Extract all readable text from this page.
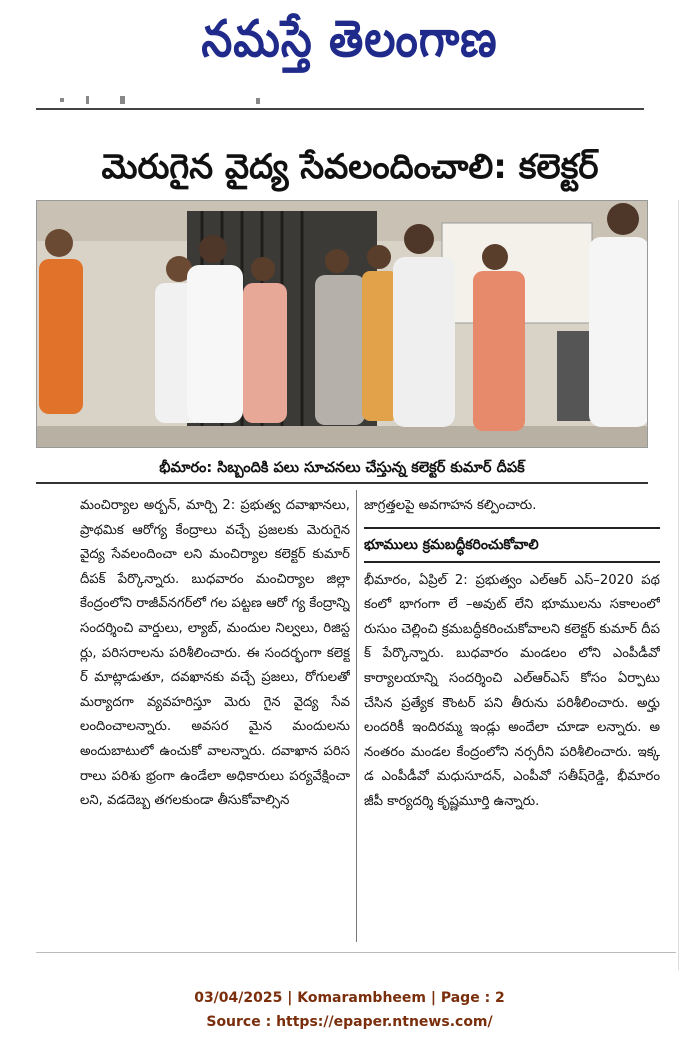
నమస్తే తెలంగాణ
మెరుగైన వైద్య సేవలందించాలి: కలెక్టర్
భీమారం: సిబ్బందికి పలు సూచనలు చేస్తున్న కలెక్టర్ కుమార్ దీపక్

మంచిర్యాల అర్బన్, మార్చి 2: ప్రభుత్వ దవాఖానలు, ప్రాథమిక ఆరోగ్య కేంద్రాలు వచ్చే ప్రజలకు మెరుగైన వైద్య సేవలందించా లని మంచిర్యాల కలెక్టర్ కుమార్ దీపక్ పేర్కొన్నారు. బుధవారం మంచిర్యాల జిల్లా కేంద్రంలోని రాజీవ్‌నగర్‌లో గల పట్టణ ఆరో గ్య కేంద్రాన్ని సందర్శించి వార్డులు, ల్యాబ్, మందుల నిల్వలు, రిజిస్టర్లు, పరిసరాలను పరిశీలించారు. ఈ సందర్భంగా కలెక్టర్ మాట్లాడుతూ, దవఖానకు వచ్చే ప్రజలు, రోగులతో మర్యాదగా వ్యవహరిస్తూ మెరు గైన వైద్య సేవలందించాలన్నారు. అవసర మైన మందులను అందుబాటులో ఉంచుకో వాలన్నారు. దవాఖాన పరిసరాలు పరిశు భ్రంగా ఉండేలా అధికారులు పర్యవేక్షించా లని, వడదెబ్బ తగలకుండా తీసుకోవాల్సిన

జాగ్రత్తలపై అవగాహన కల్పించారు.

భూములు క్రమబద్ధీకరించుకోవాలి

భీమారం, ఏప్రిల్ 2: ప్రభుత్వం ఎల్‌ఆర్ ఎస్–2020 పథకంలో భాగంగా లే –అవుట్ లేని భూములను సకాలంలో రుసుం చెల్లించి క్రమబద్ధీకరించుకోవాలని కలెక్టర్ కుమార్ దీపక్ పేర్కొన్నారు. బుధవారం మండలం లోని ఎంపీడీవో కార్యాలయాన్ని సందర్శించి ఎల్‌ఆర్ఎస్ కోసం ఏర్పాటు చేసిన ప్రత్యేక కౌంటర్ పని తీరును పరిశీలించారు. అర్హు లందరికీ ఇందిరమ్మ ఇండ్లు అందేలా చూడా లన్నారు. అనంతరం మండల కేంద్రంలోని నర్సరీని పరిశీలించారు. ఇక్కడ ఎంపీడీవో మధుసూదన్, ఎంపీవో సతీష్‌రెడ్డి, భీమారం జీపీ కార్యదర్శి కృష్ణమూర్తి ఉన్నారు.

03/04/2025 | Komarambheem | Page : 2
Source : https://epaper.ntnews.com/
